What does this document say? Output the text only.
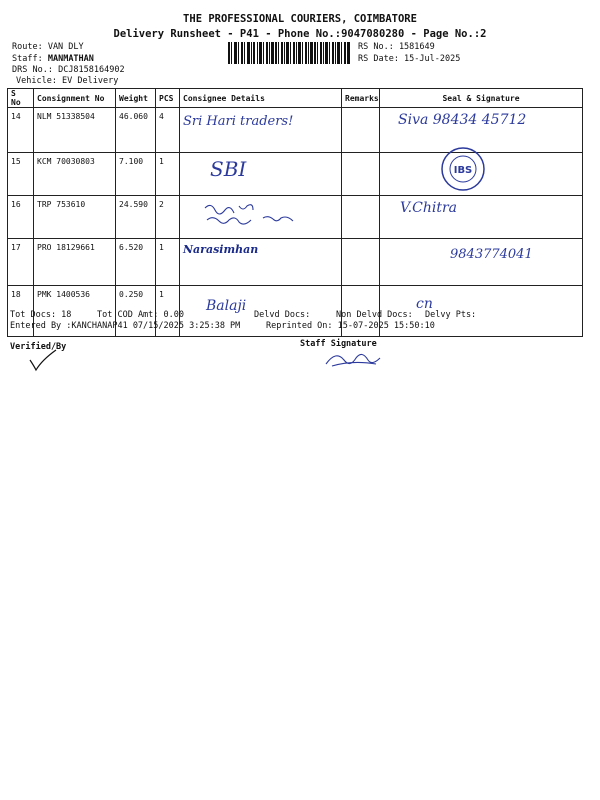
THE PROFESSIONAL COURIERS, COIMBATORE
Delivery Runsheet - P41 - Phone No.:9047080280 - Page No.:2
Route: VAN DLY
Staff: MANMATHAN
DRS No.: DCJ8158164902
Vehicle: EV Delivery
RS No.: 1581649
RS Date: 15-Jul-2025
S No	Consignment No	Weight	PCS	Consignee Details	Remarks	Seal & Signature
14	NLM 51338504	46.060	4	Sri Hari traders!		Siva 98434 45712
15	KCM 70030803	7.100	1	SBI		IBS

16	TRP 753610	24.590	2			V.Chitra
17	PRO 18129661	6.520	1	Narasimhan		9843774041
18	PMK 1400536	0.250	1	Balaji		cn
Tot Docs: 18	Tot COD Amt: 0.00	Delvd Docs:	Non Delvd Docs: Delvy Pts:
Entered By :KANCHANAP41 07/15/2025 3:25:38 PM	Reprinted On: 15-07-2025 15:50:10
Verified/By	Staff Signature
